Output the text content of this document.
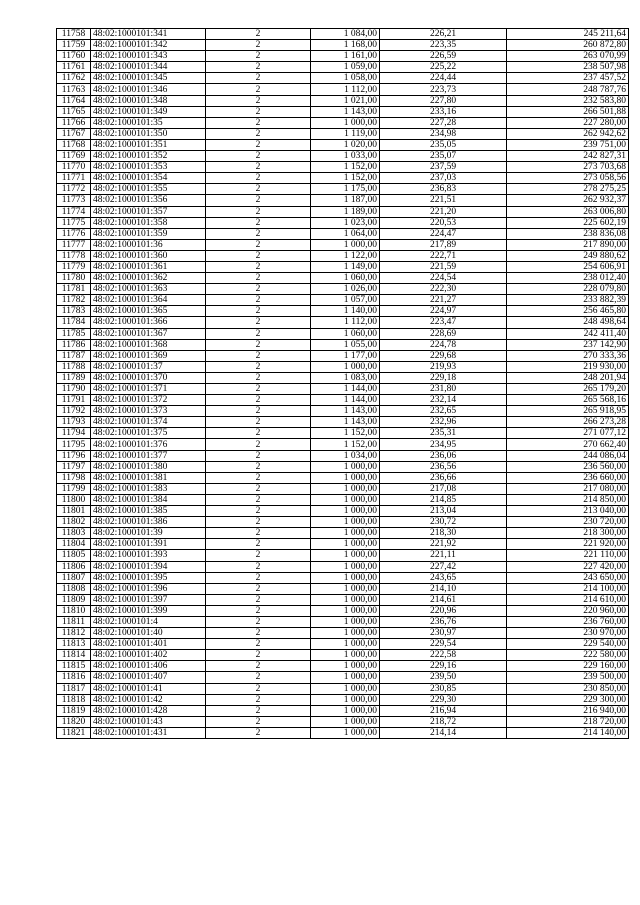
11758	48:02:1000101:341	2	1 084,00	226,21	245 211,64
11759	48:02:1000101:342	2	1 168,00	223,35	260 872,80
11760	48:02:1000101:343	2	1 161,00	226,59	263 070,99
11761	48:02:1000101:344	2	1 059,00	225,22	238 507,98
11762	48:02:1000101:345	2	1 058,00	224,44	237 457,52
11763	48:02:1000101:346	2	1 112,00	223,73	248 787,76
11764	48:02:1000101:348	2	1 021,00	227,80	232 583,80
11765	48:02:1000101:349	2	1 143,00	233,16	266 501,88
11766	48:02:1000101:35	2	1 000,00	227,28	227 280,00
11767	48:02:1000101:350	2	1 119,00	234,98	262 942,62
11768	48:02:1000101:351	2	1 020,00	235,05	239 751,00
11769	48:02:1000101:352	2	1 033,00	235,07	242 827,31
11770	48:02:1000101:353	2	1 152,00	237,59	273 703,68
11771	48:02:1000101:354	2	1 152,00	237,03	273 058,56
11772	48:02:1000101:355	2	1 175,00	236,83	278 275,25
11773	48:02:1000101:356	2	1 187,00	221,51	262 932,37
11774	48:02:1000101:357	2	1 189,00	221,20	263 006,80
11775	48:02:1000101:358	2	1 023,00	220,53	225 602,19
11776	48:02:1000101:359	2	1 064,00	224,47	238 836,08
11777	48:02:1000101:36	2	1 000,00	217,89	217 890,00
11778	48:02:1000101:360	2	1 122,00	222,71	249 880,62
11779	48:02:1000101:361	2	1 149,00	221,59	254 606,91
11780	48:02:1000101:362	2	1 060,00	224,54	238 012,40
11781	48:02:1000101:363	2	1 026,00	222,30	228 079,80
11782	48:02:1000101:364	2	1 057,00	221,27	233 882,39
11783	48:02:1000101:365	2	1 140,00	224,97	256 465,80
11784	48:02:1000101:366	2	1 112,00	223,47	248 498,64
11785	48:02:1000101:367	2	1 060,00	228,69	242 411,40
11786	48:02:1000101:368	2	1 055,00	224,78	237 142,90
11787	48:02:1000101:369	2	1 177,00	229,68	270 333,36
11788	48:02:1000101:37	2	1 000,00	219,93	219 930,00
11789	48:02:1000101:370	2	1 083,00	229,18	248 201,94
11790	48:02:1000101:371	2	1 144,00	231,80	265 179,20
11791	48:02:1000101:372	2	1 144,00	232,14	265 568,16
11792	48:02:1000101:373	2	1 143,00	232,65	265 918,95
11793	48:02:1000101:374	2	1 143,00	232,96	266 273,28
11794	48:02:1000101:375	2	1 152,00	235,31	271 077,12
11795	48:02:1000101:376	2	1 152,00	234,95	270 662,40
11796	48:02:1000101:377	2	1 034,00	236,06	244 086,04
11797	48:02:1000101:380	2	1 000,00	236,56	236 560,00
11798	48:02:1000101:381	2	1 000,00	236,66	236 660,00
11799	48:02:1000101:383	2	1 000,00	217,08	217 080,00
11800	48:02:1000101:384	2	1 000,00	214,85	214 850,00
11801	48:02:1000101:385	2	1 000,00	213,04	213 040,00
11802	48:02:1000101:386	2	1 000,00	230,72	230 720,00
11803	48:02:1000101:39	2	1 000,00	218,30	218 300,00
11804	48:02:1000101:391	2	1 000,00	221,92	221 920,00
11805	48:02:1000101:393	2	1 000,00	221,11	221 110,00
11806	48:02:1000101:394	2	1 000,00	227,42	227 420,00
11807	48:02:1000101:395	2	1 000,00	243,65	243 650,00
11808	48:02:1000101:396	2	1 000,00	214,10	214 100,00
11809	48:02:1000101:397	2	1 000,00	214,61	214 610,00
11810	48:02:1000101:399	2	1 000,00	220,96	220 960,00
11811	48:02:1000101:4	2	1 000,00	236,76	236 760,00
11812	48:02:1000101:40	2	1 000,00	230,97	230 970,00
11813	48:02:1000101:401	2	1 000,00	229,54	229 540,00
11814	48:02:1000101:402	2	1 000,00	222,58	222 580,00
11815	48:02:1000101:406	2	1 000,00	229,16	229 160,00
11816	48:02:1000101:407	2	1 000,00	239,50	239 500,00
11817	48:02:1000101:41	2	1 000,00	230,85	230 850,00
11818	48:02:1000101:42	2	1 000,00	229,30	229 300,00
11819	48:02:1000101:428	2	1 000,00	216,94	216 940,00
11820	48:02:1000101:43	2	1 000,00	218,72	218 720,00
11821	48:02:1000101:431	2	1 000,00	214,14	214 140,00
